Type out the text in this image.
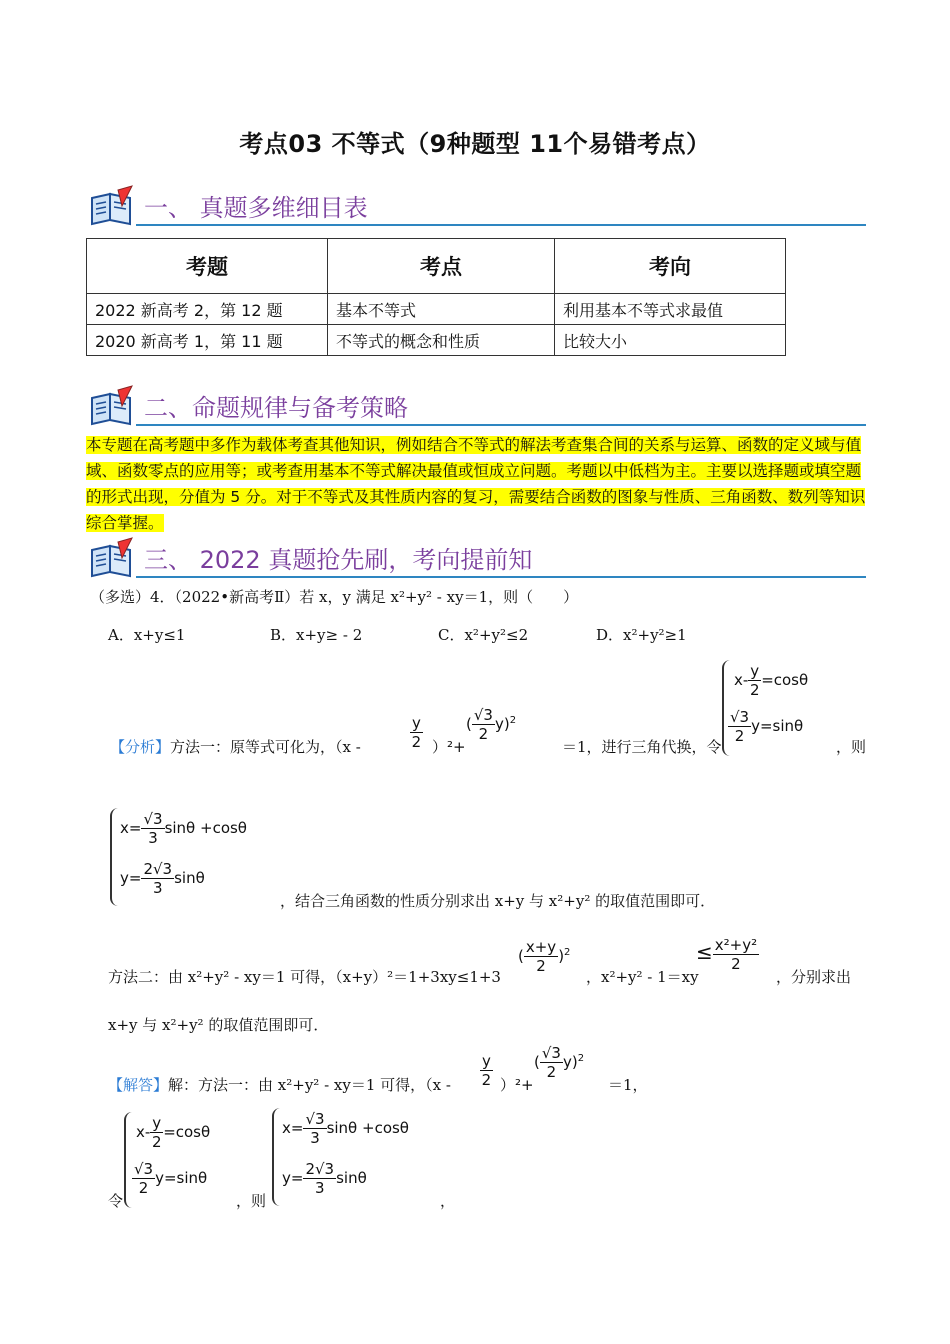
考点03 不等式（9种题型 11个易错考点）
一、 真题多维细目表
考题	考点	考向
2022 新高考 2，第 12 题	基本不等式	利用基本不等式求最值
2020 新高考 1，第 11 题	不等式的概念和性质	比较大小
二、命题规律与备考策略
本专题在高考题中多作为载体考查其他知识，例如结合不等式的解法考查集合间的关系与运算、函数的定义域与值域、函数零点的应用等；或考查用基本不等式解决最值或恒成立问题。考题以中低档为主。主要以选择题或填空题的形式出现，分值为 5 分。对于不等式及其性质内容的复习，需要结合函数的图象与性质、三角函数、数列等知识综合掌握。
三、 2022 真题抢先刷，考向提前知
（多选）4．（2022•新高考Ⅱ）若 x，y 满足 x²+y² - xy＝1，则（　　）
A．x+y≤1	B．x+y≥ - 2	C．x²+y²≤2	D．x²+y²≥1
【分析】方法一：原等式可化为，（x -	$\frac{y}{2} )^2+$
( $\frac{√3}{2} y)^2$
＝1，进行三角代换，令
$x- \frac{y}{2} =\cos\theta$
$\frac{√3}{2} y=\sin\theta$
，则
$x= \frac{√3}{3}$ sinθ +cosθ
$y= \frac{2√3}{3}$ sinθ
，结合三角函数的性质分别求出 x+y 与 x²+y² 的取值范围即可．
方法二：由 x²+y² - xy＝1 可得，（x+y）²＝1+3xy≤1+3
( $\frac{x+y}{2} )^2$
，x²+y² - 1＝xy
≤ $\frac{\text{x²+y²}}{2}$
，分别求出
x+y 与 x²+y² 的取值范围即可．
【解答】解：方法一：由 x²+y² - xy＝1 可得，$(x - \frac{y}{2} )^2+$
( $\frac{√3}{2} y)^2$
＝1，
令
$x- \frac{y}{2} =\cos\theta$
$\frac{√3}{2} y=\sin\theta$
，则
$x= \frac{√3}{3}$ sinθ +cosθ
$y= \frac{2√3}{3}$ sinθ
，
